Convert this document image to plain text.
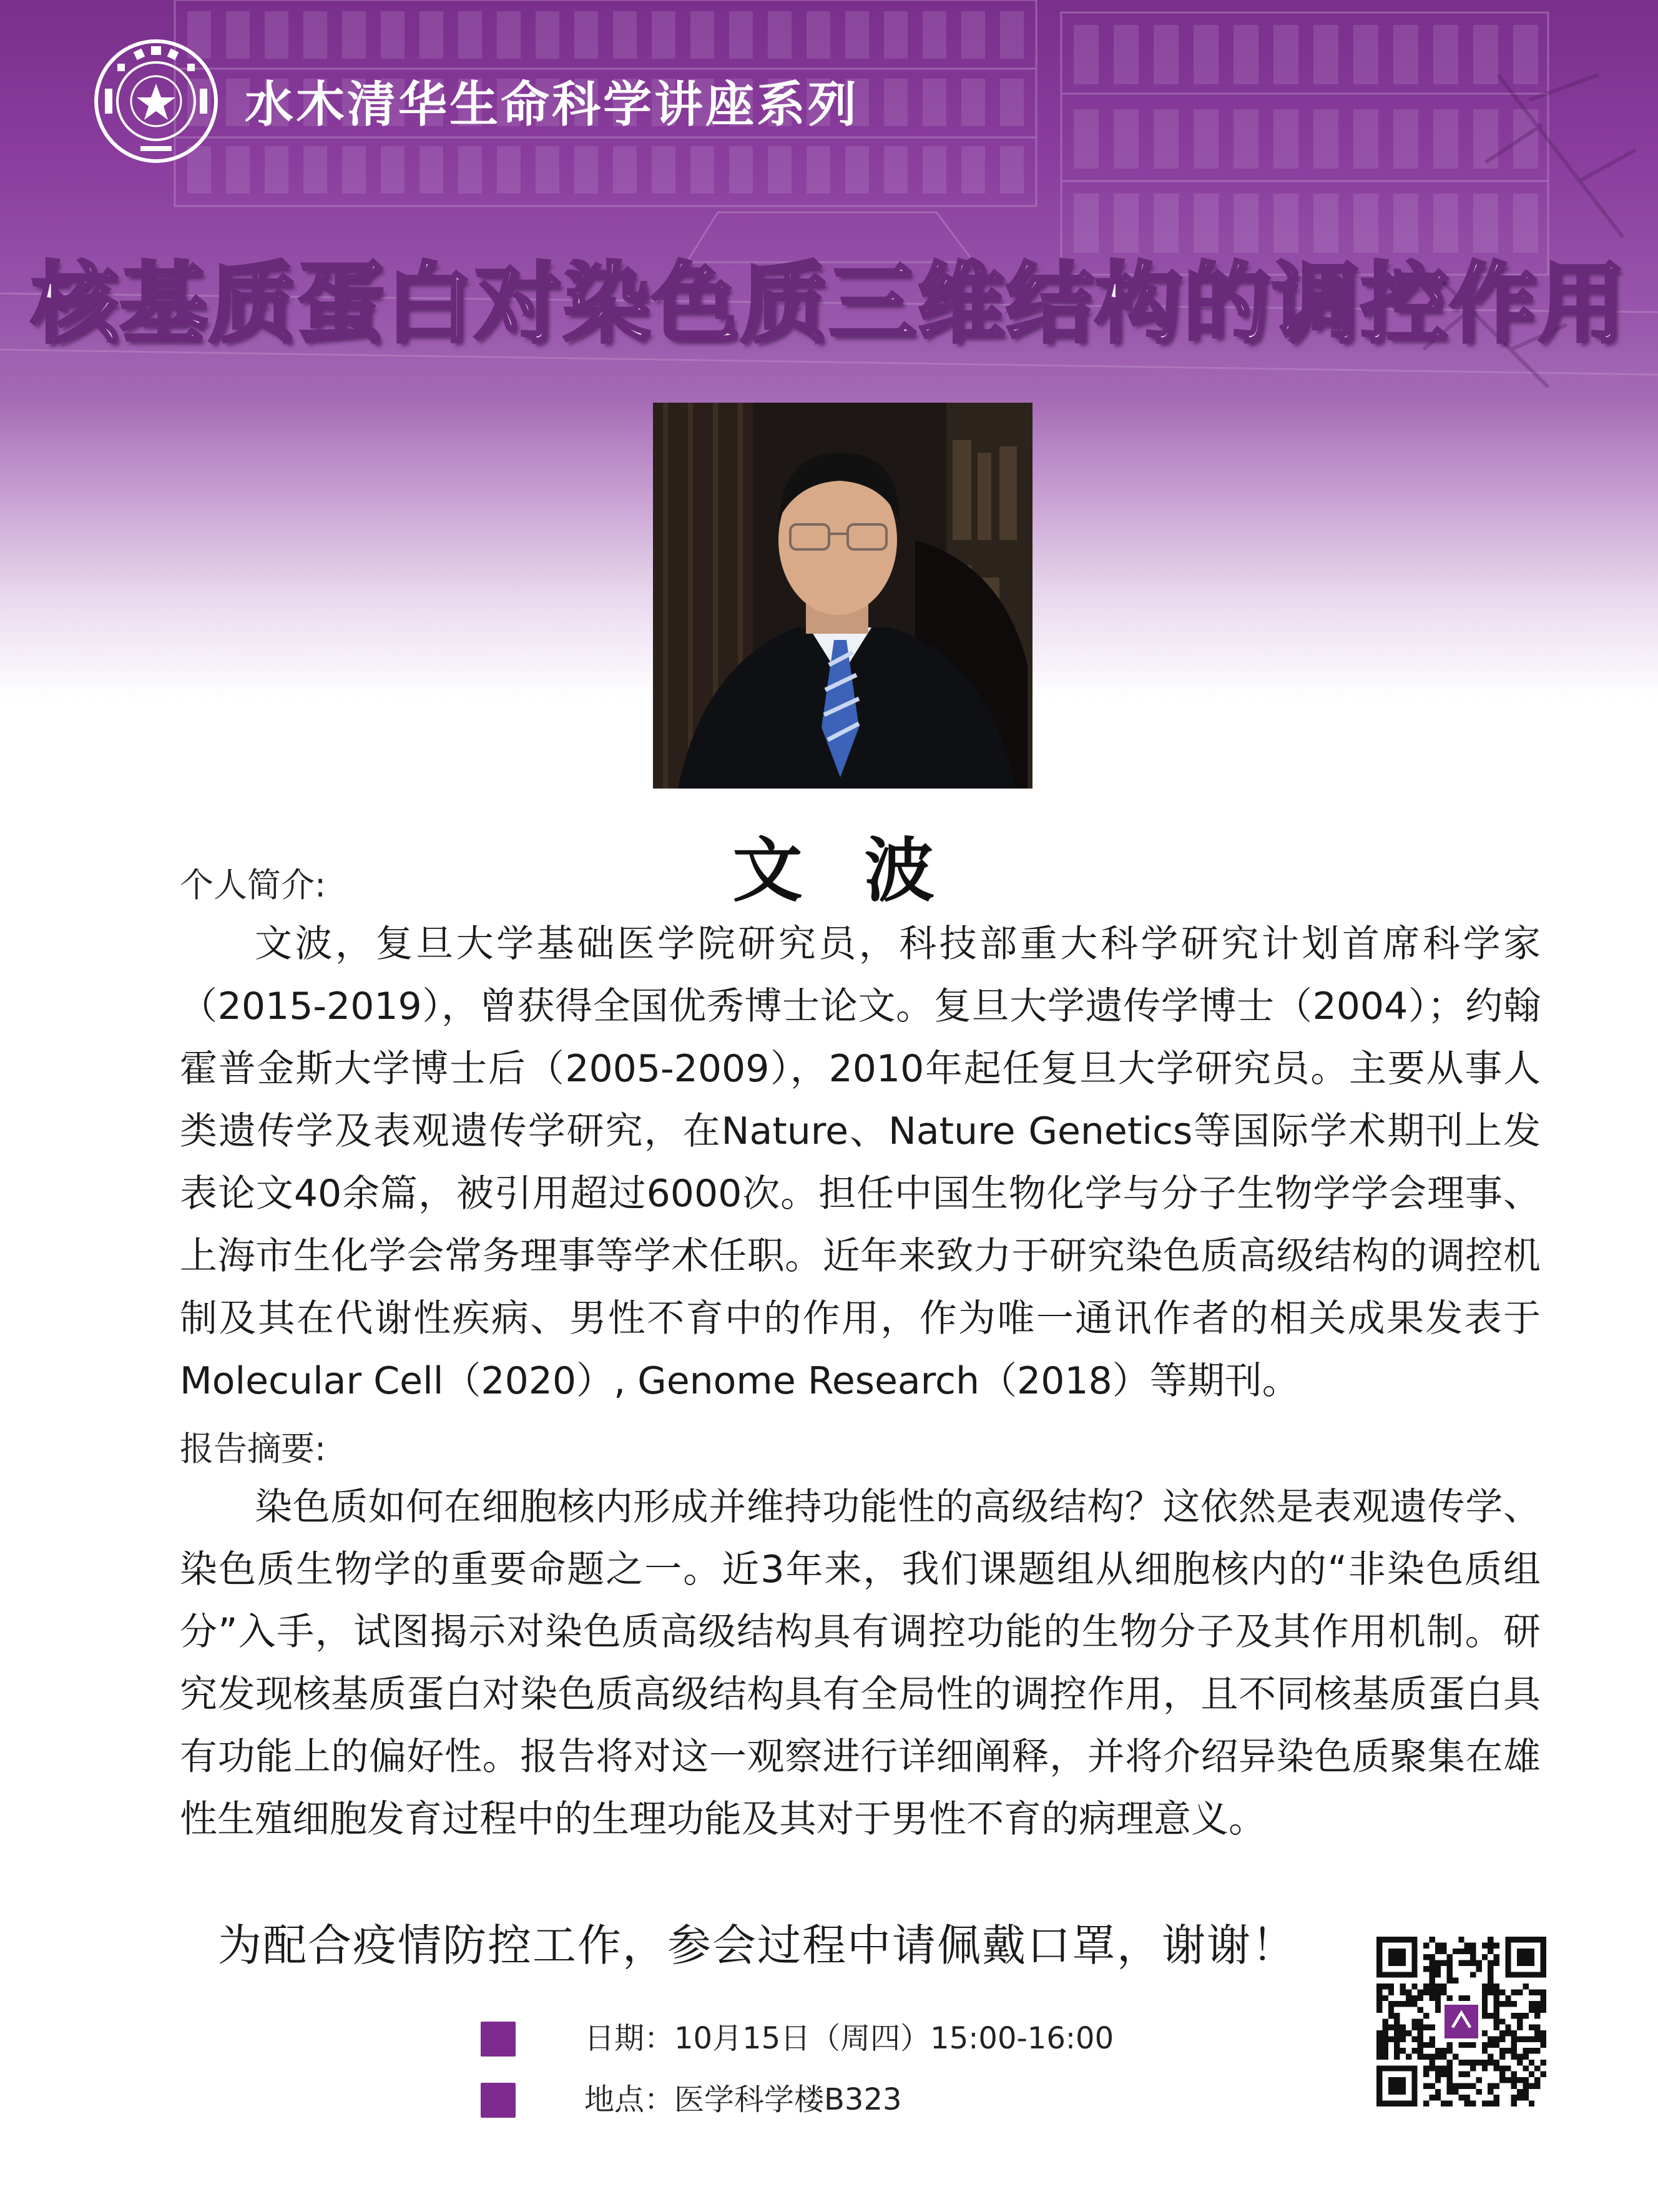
水木清华生命科学讲座系列
核基质蛋白对染色质三维结构的调控作用
文 波
个人简介:

文波，复旦大学基础医学院研究员，科技部重大科学研究计划首席科学家（2015-2019），曾获得全国优秀博士论文。复旦大学遗传学博士（2004）；约翰霍普金斯大学博士后（2005-2009），2010年起任复旦大学研究员。主要从事人类遗传学及表观遗传学研究，在Nature、Nature Genetics等国际学术期刊上发表论文40余篇，被引用超过6000次。担任中国生物化学与分子生物学学会理事、上海市生化学会常务理事等学术任职。近年来致力于研究染色质高级结构的调控机制及其在代谢性疾病、男性不育中的作用，作为唯一通讯作者的相关成果发表于Molecular Cell（2020）, Genome Research（2018）等期刊。

报告摘要:

染色质如何在细胞核内形成并维持功能性的高级结构？这依然是表观遗传学、染色质生物学的重要命题之一。近3年来，我们课题组从细胞核内的“非染色质组分”入手，试图揭示对染色质高级结构具有调控功能的生物分子及其作用机制。研究发现核基质蛋白对染色质高级结构具有全局性的调控作用，且不同核基质蛋白具有功能上的偏好性。报告将对这一观察进行详细阐释，并将介绍异染色质聚集在雄性生殖细胞发育过程中的生理功能及其对于男性不育的病理意义。

为配合疫情防控工作，参会过程中请佩戴口罩，谢谢！
日期：10月15日（周四）15:00-16:00
地点：医学科学楼B323
